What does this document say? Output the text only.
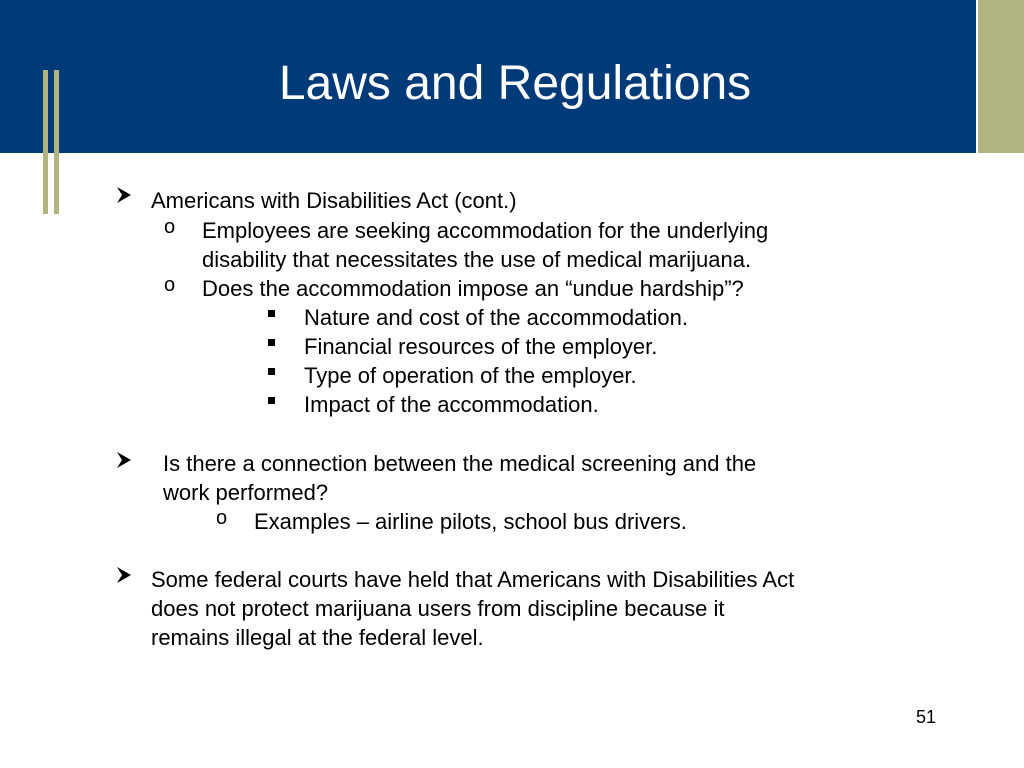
Laws and Regulations
Americans with Disabilities Act (cont.)
o Employees are seeking accommodation for the underlying
disability that necessitates the use of medical marijuana.
o Does the accommodation impose an “undue hardship”?
Nature and cost of the accommodation.
Financial resources of the employer.
Type of operation of the employer.
Impact of the accommodation.
Is there a connection between the medical screening and the
work performed?
o Examples – airline pilots, school bus drivers.
Some federal courts have held that Americans with Disabilities Act
does not protect marijuana users from discipline because it
remains illegal at the federal level.
51
